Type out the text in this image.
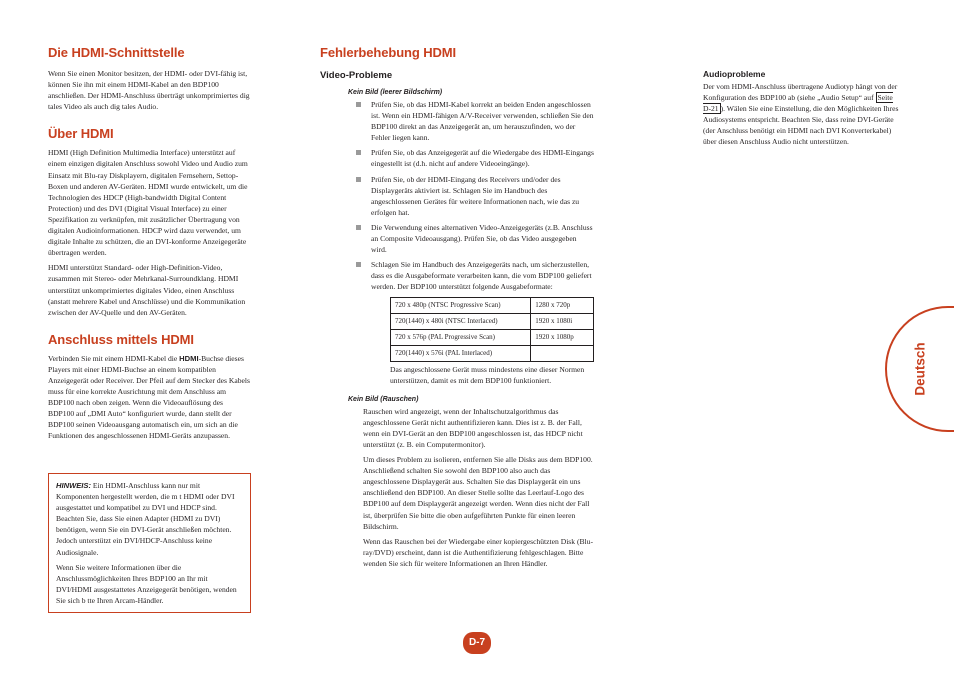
Die HDMI-Schnittstelle

Wenn Sie einen Monitor besitzen, der HDMI- oder DVI-fähig ist, können Sie ihn mit einem HDMI-Kabel an den BDP100 anschließen. Der HDMI-Anschluss überträgt unkomprimiertes dig tales Video als auch dig tales Audio.

Über HDMI

HDMI (High Definition Multimedia Interface) unterstützt auf einem einzigen digitalen Anschluss sowohl Video und Audio zum Einsatz mit Blu-ray Diskplayern, digitalen Fernsehern, Settop-Boxen und anderen AV-Geräten. HDMI wurde entwickelt, um die Technologien des HDCP (High-bandwidth Digital Content Protection) und des DVI (Digital Visual Interface) zu einer Spezifikation zu verknüpfen, mit zusätzlicher Übertragung von digitalen Audioinformationen. HDCP wird dazu verwendet, um digitale Inhalte zu schützen, die an DVI-konforme Anzeigegeräte übertragen werden.

HDMI unterstützt Standard- oder High-Definition-Video, zusammen mit Stereo- oder Mehrkanal-Surroundklang. HDMI unterstützt unkomprimiertes digitales Video, einen Anschluss (anstatt mehrere Kabel und Anschlüsse) und die Kommunikation zwischen der AV-Quelle und den AV-Geräten.

Anschluss mittels HDMI

Verbinden Sie mit einem HDMI-Kabel die HDMI-Buchse dieses Players mit einer HDMI-Buchse an einem kompatiblen Anzeigegerät oder Receiver. Der Pfeil auf dem Stecker des Kabels muss für eine korrekte Ausrichtung mit dem Anschluss am BDP100 nach oben zeigen. Wenn die Videoauflösung des BDP100 auf „DMI Auto“ konfiguriert wurde, dann stellt der BDP100 seinen Videoausgang automatisch ein, um sich an die Funktionen des angeschlossenen HDMI-Geräts anzupassen.

HINWEIS: Ein HDMI-Anschluss kann nur mit Komponenten hergestellt werden, die m t HDMI oder DVI ausgestattet und kompatibel zu DVI und HDCP sind. Beachten Sie, dass Sie einen Adapter (HDMI zu DVI) benötigen, wenn Sie ein DVI-Gerät anschließen möchten. Jedoch unterstützt ein DVI/HDCP-Anschluss keine Audiosignale.

Wenn Sie weitere Informationen über die Anschlussmöglichkeiten Ihres BDP100 an Ihr mit DVI/HDMI ausgestattetes Anzeigegerät benötigen, wenden Sie sich b tte Ihren Arcam-Händler.

Fehlerbehebung HDMI
Video-Probleme
Kein Bild (leerer Bildschirm)
Prüfen Sie, ob das HDMI-Kabel korrekt an beiden Enden angeschlossen ist. Wenn ein HDMI-fähigen A/V-Receiver verwenden, schließen Sie den BDP100 direkt an das Anzeigegerät an, um herauszufinden, wo der Fehler liegen kann.
Prüfen Sie, ob das Anzeigegerät auf die Wiedergabe des HDMI-Eingangs eingestellt ist (d.h. nicht auf andere Videoeingänge).
Prüfen Sie, ob der HDMI-Eingang des Receivers und/oder des Displaygeräts aktiviert ist. Schlagen Sie im Handbuch des angeschlossenen Gerätes für weitere Informationen nach, wie das zu erfolgen hat.
Die Verwendung eines alternativen Video-Anzeigegeräts (z.B. Anschluss an Composite Videoausgang). Prüfen Sie, ob das Video ausgegeben wird.
Schlagen Sie im Handbuch des Anzeigegeräts nach, um sicherzustellen, dass es die Ausgabeformate verarbeiten kann, die vom BDP100 geliefert werden. Der BDP100 unterstützt folgende Ausgabeformate:
720 x 480p (NTSC Progressive Scan)	1280 x 720p
720(1440) x 480i (NTSC Interlaced)	1920 x 1080i
720 x 576p (PAL Progressive Scan)	1920 x 1080p
720(1440) x 576i (PAL Interlaced)	

Das angeschlossene Gerät muss mindestens eine dieser Normen unterstützen, damit es mit dem BDP100 funktioniert.

Kein Bild (Rauschen)

Rauschen wird angezeigt, wenn der Inhaltschutzalgorithmus das angeschlossene Gerät nicht authentifizieren kann. Dies ist z. B. der Fall, wenn ein DVI-Gerät an den BDP100 angeschlossen ist, das HDCP nicht unterstützt (z. B. ein Computermonitor).

Um dieses Problem zu isolieren, entfernen Sie alle Disks aus dem BDP100. Anschließend schalten Sie sowohl den BDP100 also auch das angeschlossene Displaygerät aus. Schalten Sie das Displaygerät ein uns anschließend den BDP100. An dieser Stelle sollte das Leerlauf-Logo des BDP100 auf dem Displaygerät angezeigt werden. Wenn dies nicht der Fall ist, überprüfen Sie bitte die oben aufgeführten Punkte für einen leeren Bildschirm.

Wenn das Rauschen bei der Wiedergabe einer kopiergeschützten Disk (Blu-ray/DVD) erscheint, dann ist die Authentifizierung fehlgeschlagen. Bitte wenden Sie sich für weitere Informationen an Ihren Händler.

Audioprobleme

Der vom HDMI-Anschluss übertragene Audiotyp hängt von der Konfiguration des BDP100 ab (siehe „Audio Setup“ auf Seite D-21 ). Wälen Sie eine Einstellung, die den Möglichkeiten Ihres Audiosystems entspricht. Beachten Sie, dass reine DVI-Geräte (der Anschluss benötigt ein HDMI nach DVI Konverterkabel) über diesen Anschluss Audio nicht unterstützen.

Deutsch
D-7
